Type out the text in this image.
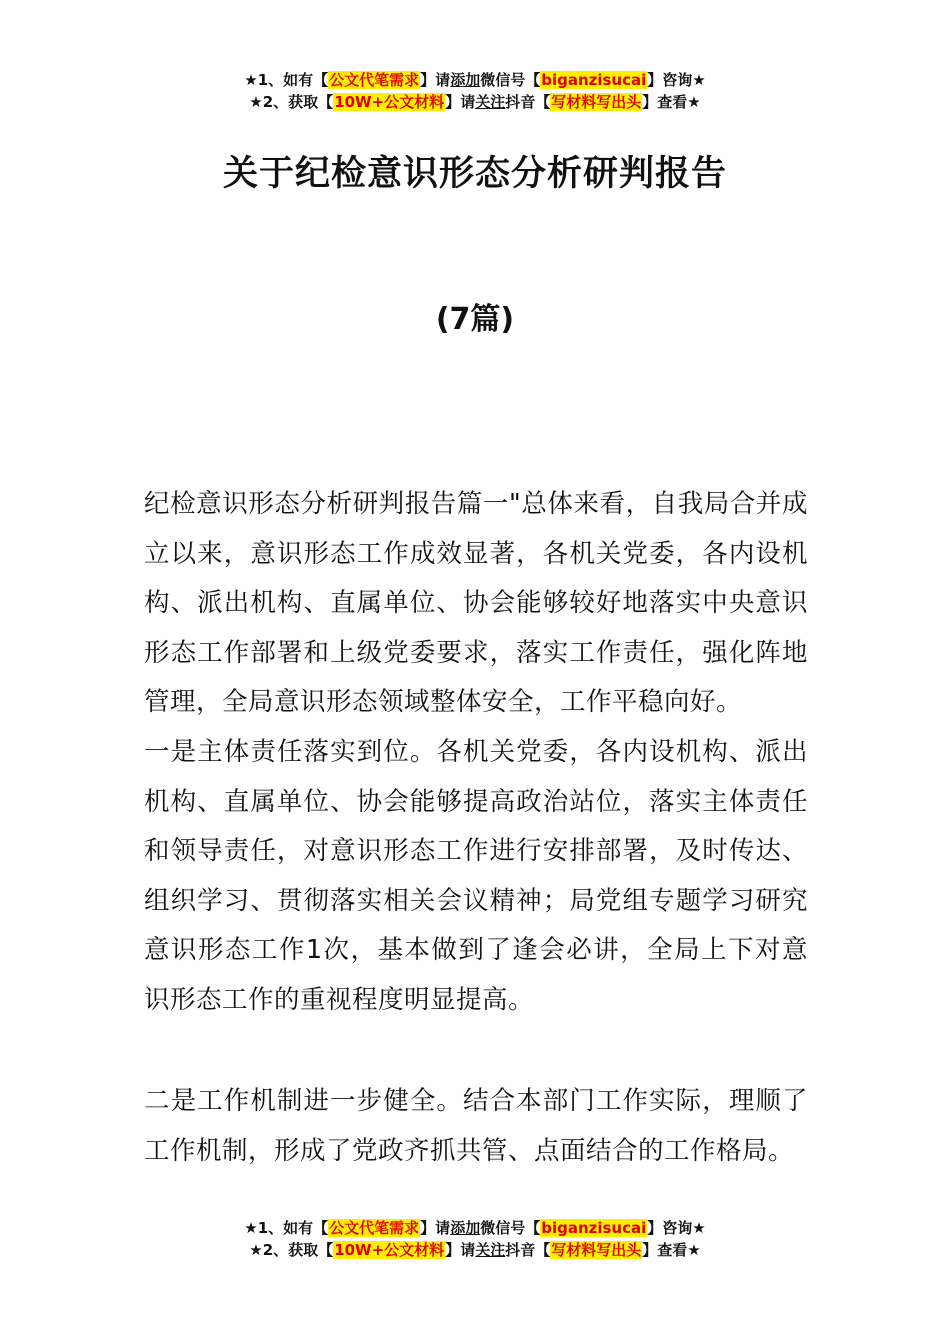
★1、如有【公文代笔需求】请添加微信号【biganzisucai】咨询★
★2、获取【10W+公文材料】请关注抖音【写材料写出头】查看★
关于纪检意识形态分析研判报告
(7篇)

纪检意识形态分析研判报告篇一"总体来看，自我局合并成立以来，意识形态工作成效显著，各机关党委，各内设机构、派出机构、直属单位、协会能够较好地落实中央意识形态工作部署和上级党委要求，落实工作责任，强化阵地管理，全局意识形态领域整体安全，工作平稳向好。

一是主体责任落实到位。各机关党委，各内设机构、派出机构、直属单位、协会能够提高政治站位，落实主体责任和领导责任，对意识形态工作进行安排部署，及时传达、组织学习、贯彻落实相关会议精神；局党组专题学习研究意识形态工作1次，基本做到了逢会必讲，全局上下对意识形态工作的重视程度明显提高。

二是工作机制进一步健全。结合本部门工作实际，理顺了工作机制，形成了党政齐抓共管、点面结合的工作格局。

★1、如有【公文代笔需求】请添加微信号【biganzisucai】咨询★
★2、获取【10W+公文材料】请关注抖音【写材料写出头】查看★
